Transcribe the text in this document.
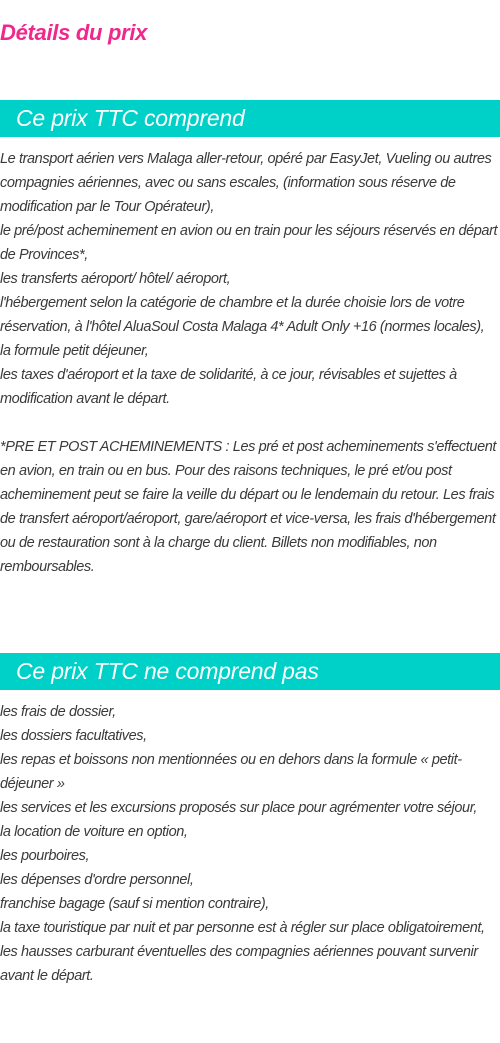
Détails du prix
Ce prix TTC comprend

Le transport aérien vers Malaga aller-retour, opéré par EasyJet, Vueling ou autres compagnies aériennes, avec ou sans escales, (information sous réserve de modification par le Tour Opérateur),

le pré/post acheminement en avion ou en train pour les séjours réservés en départ de Provinces*,

les transferts aéroport/ hôtel/ aéroport,

l'hébergement selon la catégorie de chambre et la durée choisie lors de votre réservation, à l'hôtel AluaSoul Costa Malaga 4* Adult Only +16 (normes locales),

la formule petit déjeuner,

les taxes d'aéroport et la taxe de solidarité, à ce jour, révisables et sujettes à modification avant le départ.

*PRE ET POST ACHEMINEMENTS : Les pré et post acheminements s'effectuent en avion, en train ou en bus. Pour des raisons techniques, le pré et/ou post acheminement peut se faire la veille du départ ou le lendemain du retour. Les frais de transfert aéroport/aéroport, gare/aéroport et vice-versa, les frais d'hébergement ou de restauration sont à la charge du client. Billets non modifiables, non remboursables.

Ce prix TTC ne comprend pas

les frais de dossier,

les dossiers facultatives,

les repas et boissons non mentionnées ou en dehors dans la formule « petit-déjeuner »

les services et les excursions proposés sur place pour agrémenter votre séjour,

la location de voiture en option,

les pourboires,

les dépenses d'ordre personnel,

franchise bagage (sauf si mention contraire),

la taxe touristique par nuit et par personne est à régler sur place obligatoirement,

les hausses carburant éventuelles des compagnies aériennes pouvant survenir avant le départ.
